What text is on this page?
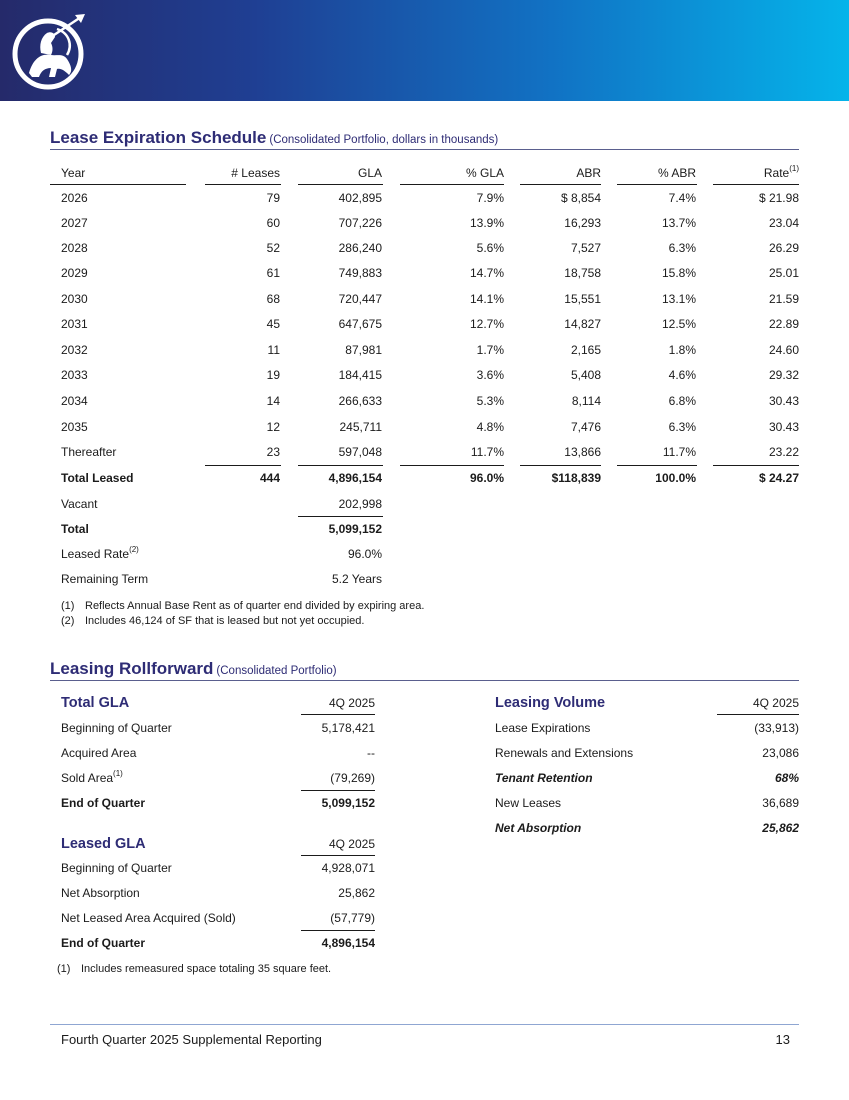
Lease Expiration Schedule (Consolidated Portfolio, dollars in thousands)
Year	# Leases	GLA	% GLA	ABR	% ABR	Rate$^{(1)}$
2026	79	402,895	7.9%	$ 8,854	7.4%	$ 21.98
2027	60	707,226	13.9%	16,293	13.7%	23.04
2028	52	286,240	5.6%	7,527	6.3%	26.29
2029	61	749,883	14.7%	18,758	15.8%	25.01
2030	68	720,447	14.1%	15,551	13.1%	21.59
2031	45	647,675	12.7%	14,827	12.5%	22.89
2032	11	87,981	1.7%	2,165	1.8%	24.60
2033	19	184,415	3.6%	5,408	4.6%	29.32
2034	14	266,633	5.3%	8,114	6.8%	30.43
2035	12	245,711	4.8%	7,476	6.3%	30.43
Thereafter	23	597,048	11.7%	13,866	11.7%	23.22
Total Leased	444	4,896,154	96.0%	$118,839	100.0%	$ 24.27
Vacant	202,998
Total	5,099,152
Leased Rate$^{(2)}$	96.0%
Remaining Term	5.2 Years
(1) Reflects Annual Base Rent as of quarter end divided by expiring area.
(2) Includes 46,124 of SF that is leased but not yet occupied.
Leasing Rollforward (Consolidated Portfolio)
Total GLA	4Q 2025
Beginning of Quarter	5,178,421
Acquired Area	--
Sold Area$^{(1)}$	(79,269)
End of Quarter	5,099,152
Leased GLA	4Q 2025
Beginning of Quarter	4,928,071
Net Absorption	25,862
Net Leased Area Acquired (Sold)	(57,779)
End of Quarter	4,896,154
(1) Includes remeasured space totaling 35 square feet.
Leasing Volume	4Q 2025
Lease Expirations	(33,913)
Renewals and Extensions	23,086
Tenant Retention	68%
New Leases	36,689
Net Absorption	25,862
Fourth Quarter 2025 Supplemental Reporting	13
